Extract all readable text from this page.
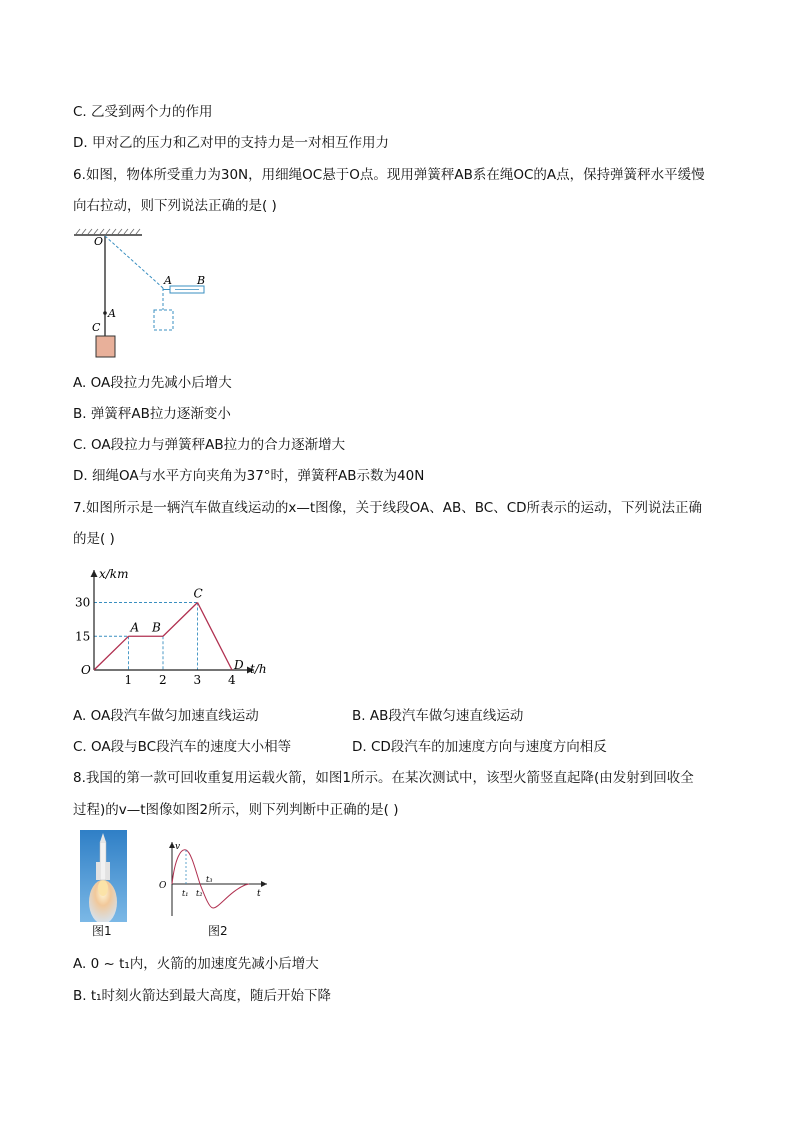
C. 乙受到两个力的作用
D. 甲对乙的压力和乙对甲的支持力是一对相互作用力
6.如图，物体所受重力为30N，用细绳OC悬于O点。现用弹簧秤AB系在绳OC的A点，保持弹簧秤水平缓慢
向右拉动，则下列说法正确的是( )
O
A
C
A B
A. OA段拉力先减小后增大
B. 弹簧秤AB拉力逐渐变小
C. OA段拉力与弹簧秤AB拉力的合力逐渐增大
D. 细绳OA与水平方向夹角为37°时，弹簧秤AB示数为40N
7.如图所示是一辆汽车做直线运动的x—t图像，关于线段OA、AB、BC、CD所表示的运动，下列说法正确
的是( )
1 2 3 4
15
30
O
A B
C
D
x/km
t/h
A. OA段汽车做匀加速直线运动	B. AB段汽车做匀速直线运动
C. OA段与BC段汽车的速度大小相等	D. CD段汽车的加速度方向与速度方向相反
8.我国的第一款可回收重复用运载火箭，如图1所示。在某次测试中，该型火箭竖直起降(由发射到回收全
过程)的v—t图像如图2所示，则下列判断中正确的是( )
图1
v
O
t₁ t₂
t₃
t
图2
A. 0 ~ t₁内，火箭的加速度先减小后增大
B. t₁时刻火箭达到最大高度，随后开始下降
